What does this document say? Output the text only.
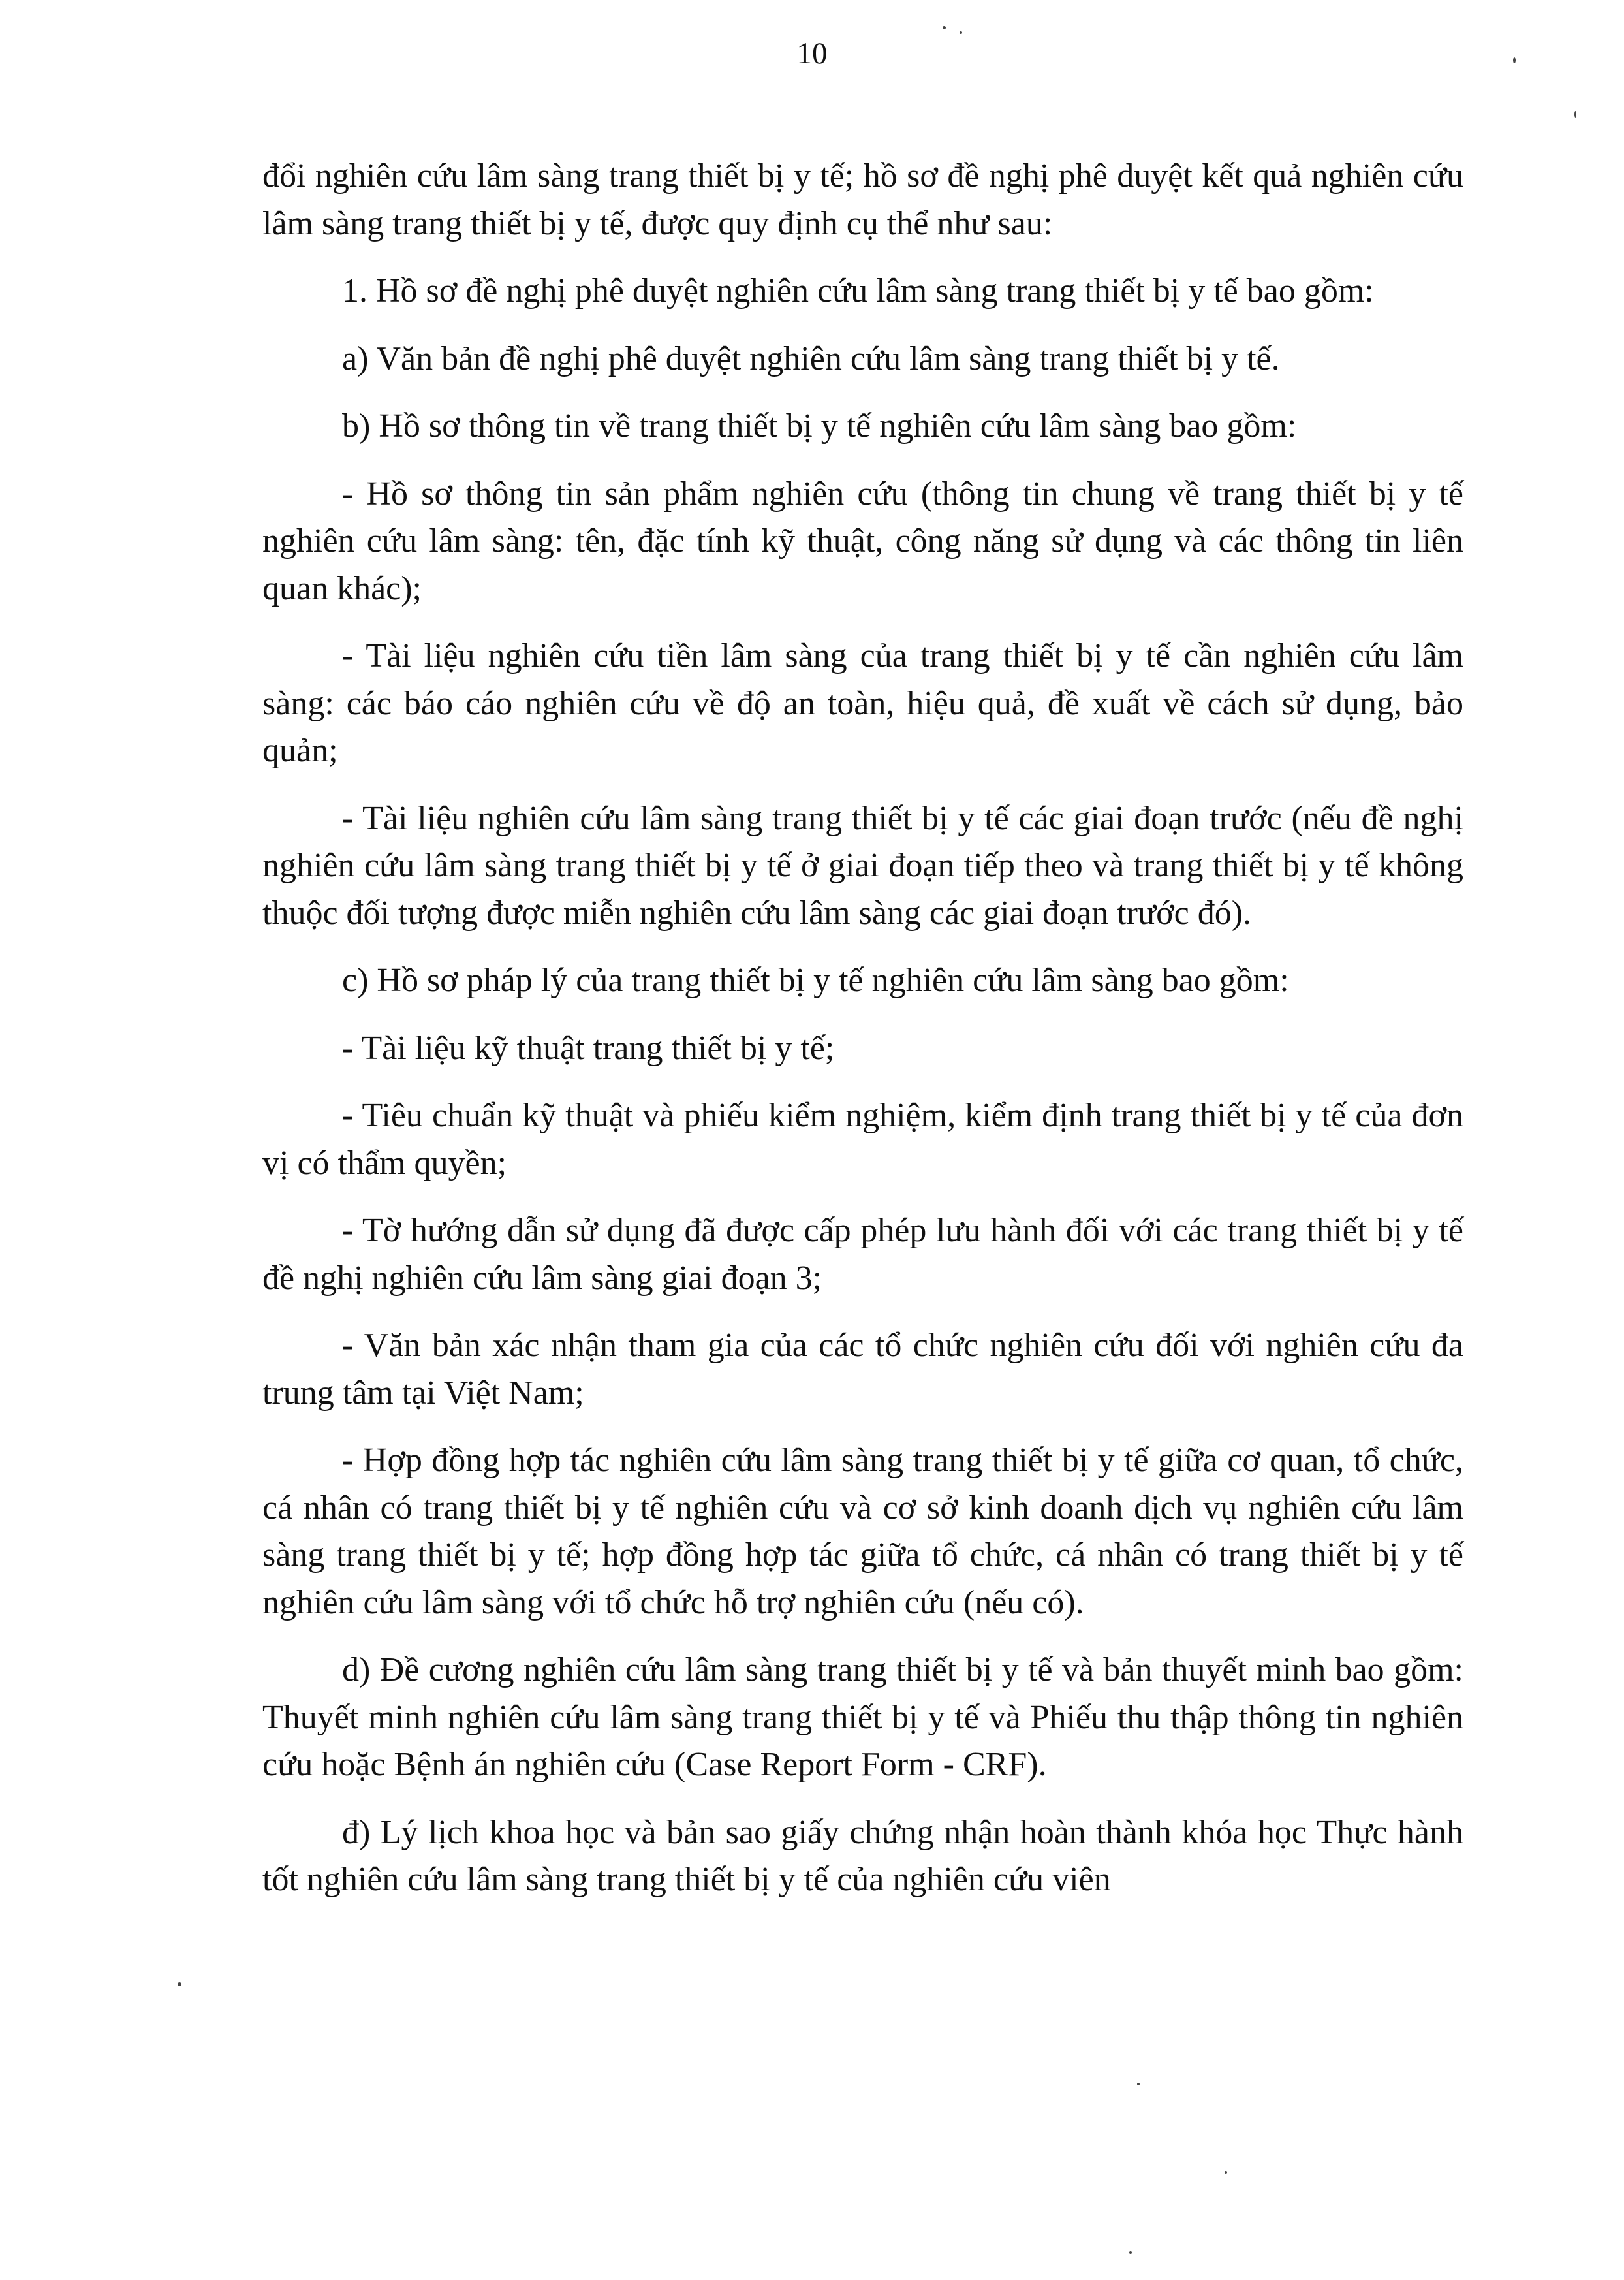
10

đổi nghiên cứu lâm sàng trang thiết bị y tế; hồ sơ đề nghị phê duyệt kết quả nghiên cứu lâm sàng trang thiết bị y tế, được quy định cụ thể như sau:

1. Hồ sơ đề nghị phê duyệt nghiên cứu lâm sàng trang thiết bị y tế bao gồm:

a) Văn bản đề nghị phê duyệt nghiên cứu lâm sàng trang thiết bị y tế.

b) Hồ sơ thông tin về trang thiết bị y tế nghiên cứu lâm sàng bao gồm:

- Hồ sơ thông tin sản phẩm nghiên cứu (thông tin chung về trang thiết bị y tế nghiên cứu lâm sàng: tên, đặc tính kỹ thuật, công năng sử dụng và các thông tin liên quan khác);

- Tài liệu nghiên cứu tiền lâm sàng của trang thiết bị y tế cần nghiên cứu lâm sàng: các báo cáo nghiên cứu về độ an toàn, hiệu quả, đề xuất về cách sử dụng, bảo quản;

- Tài liệu nghiên cứu lâm sàng trang thiết bị y tế các giai đoạn trước (nếu đề nghị nghiên cứu lâm sàng trang thiết bị y tế ở giai đoạn tiếp theo và trang thiết bị y tế không thuộc đối tượng được miễn nghiên cứu lâm sàng các giai đoạn trước đó).

c) Hồ sơ pháp lý của trang thiết bị y tế nghiên cứu lâm sàng bao gồm:

- Tài liệu kỹ thuật trang thiết bị y tế;

- Tiêu chuẩn kỹ thuật và phiếu kiểm nghiệm, kiểm định trang thiết bị y tế của đơn vị có thẩm quyền;

- Tờ hướng dẫn sử dụng đã được cấp phép lưu hành đối với các trang thiết bị y tế đề nghị nghiên cứu lâm sàng giai đoạn 3;

- Văn bản xác nhận tham gia của các tổ chức nghiên cứu đối với nghiên cứu đa trung tâm tại Việt Nam;

- Hợp đồng hợp tác nghiên cứu lâm sàng trang thiết bị y tế giữa cơ quan, tổ chức, cá nhân có trang thiết bị y tế nghiên cứu và cơ sở kinh doanh dịch vụ nghiên cứu lâm sàng trang thiết bị y tế; hợp đồng hợp tác giữa tổ chức, cá nhân có trang thiết bị y tế nghiên cứu lâm sàng với tổ chức hỗ trợ nghiên cứu (nếu có).

d) Đề cương nghiên cứu lâm sàng trang thiết bị y tế và bản thuyết minh bao gồm: Thuyết minh nghiên cứu lâm sàng trang thiết bị y tế và Phiếu thu thập thông tin nghiên cứu hoặc Bệnh án nghiên cứu (Case Report Form - CRF).

đ) Lý lịch khoa học và bản sao giấy chứng nhận hoàn thành khóa học Thực hành tốt nghiên cứu lâm sàng trang thiết bị y tế của nghiên cứu viên
